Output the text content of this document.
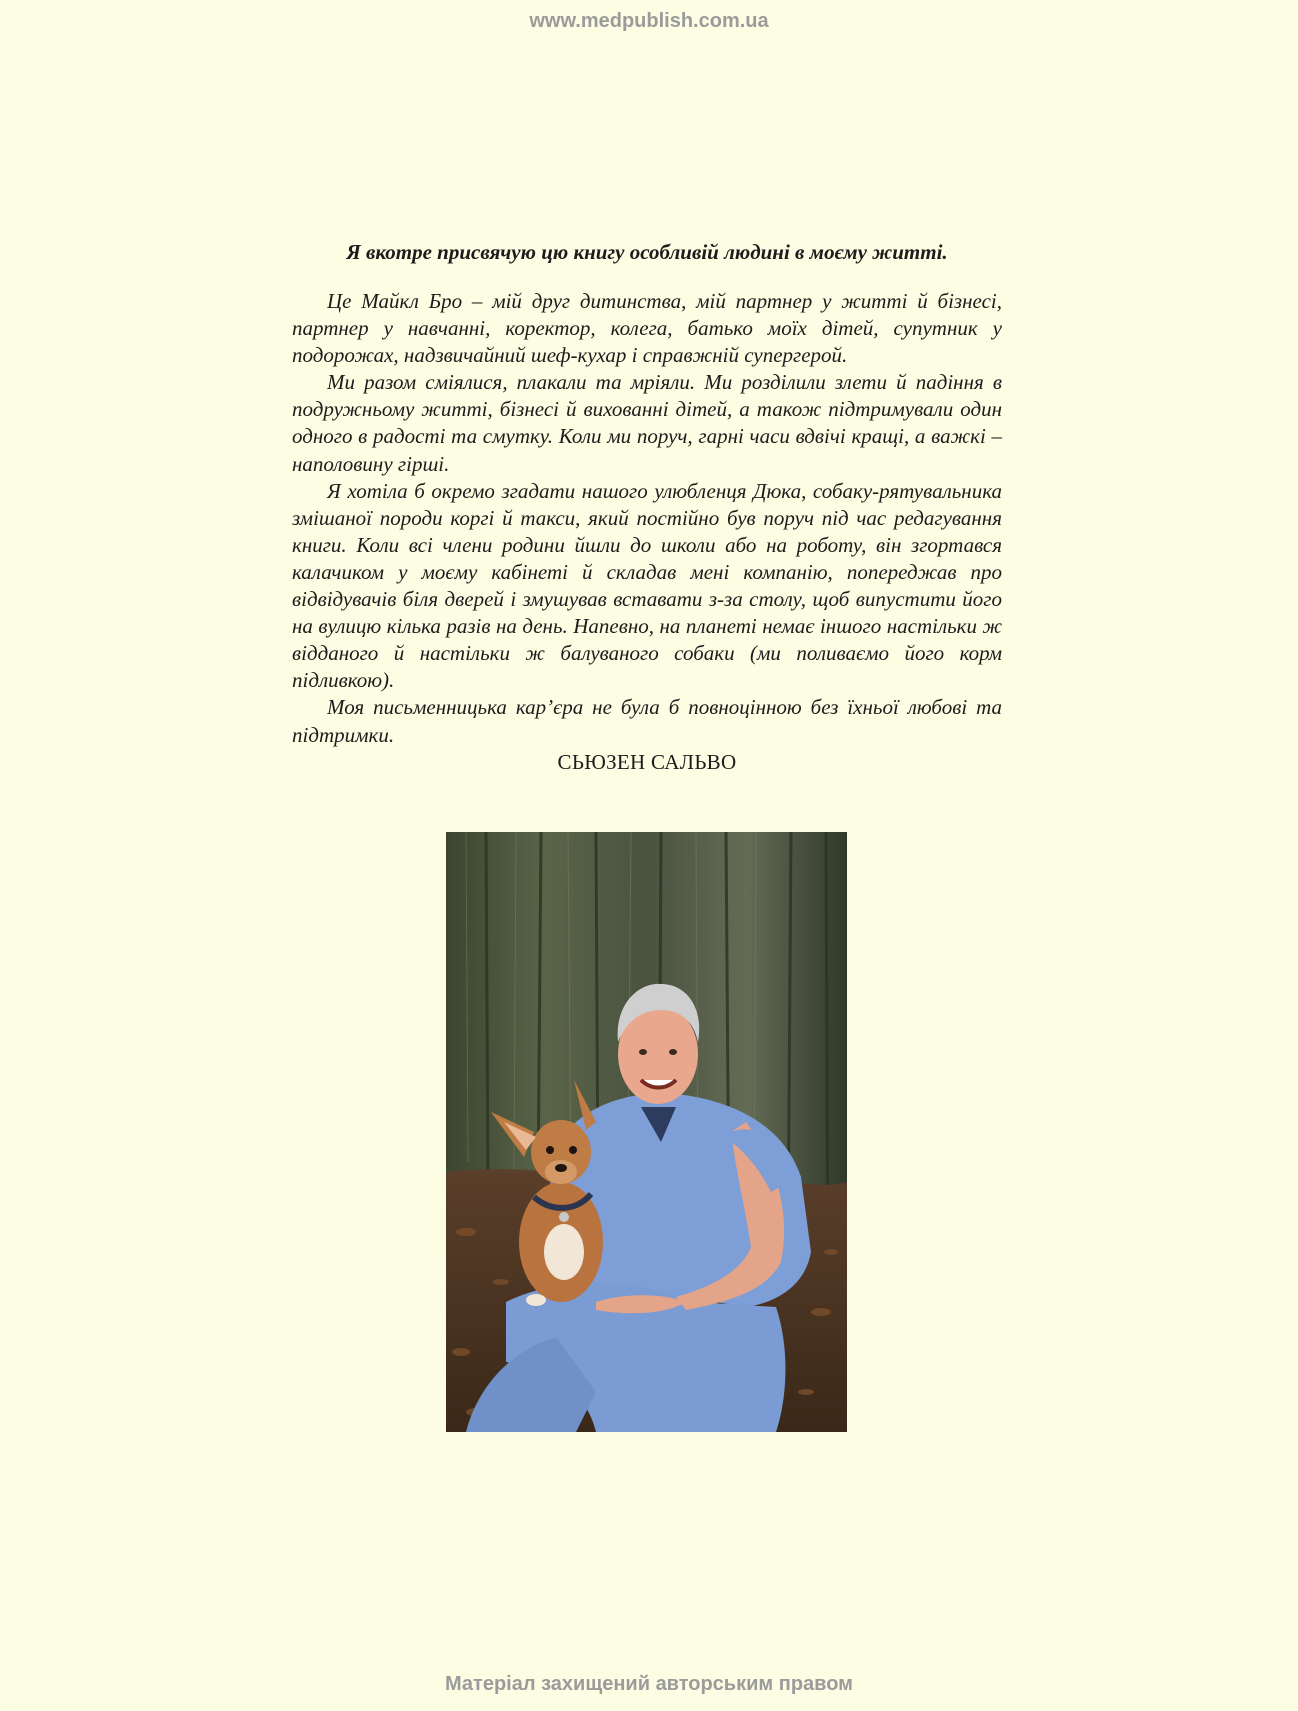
www.medpublish.com.ua

Я вкотре присвячую цю книгу особливій людині в моєму житті.

Це Майкл Бро – мій друг дитинства, мій партнер у житті й бізнесі, партнер у навчанні, коректор, колега, батько моїх дітей, супутник у подорожах, надзвичайний шеф-кухар і справжній супергерой.

Ми разом сміялися, плакали та мріяли. Ми розділили злети й падіння в подружньому житті, бізнесі й вихованні дітей, а також підтримували один одного в радості та смутку. Коли ми поруч, гарні часи вдвічі кращі, а важкі – наполовину гірші.

Я хотіла б окремо згадати нашого улюбленця Дюка, собаку-рятувальника змішаної породи коргі й такси, який постійно був поруч під час редагування книги. Коли всі члени родини йшли до школи або на роботу, він згортався калачиком у моєму кабінеті й складав мені компанію, попереджав про відвідувачів біля дверей і змушував вставати з-за столу, щоб випустити його на вулицю кілька разів на день. Напевно, на планеті немає іншого настільки ж відданого й настільки ж балуваного собаки (ми поливаємо його корм підливкою).

Моя письменницька кар’єра не була б повноцінною без їхньої любові та підтримки.

СЬЮЗЕН САЛЬВО

Матеріал захищений авторським правом
